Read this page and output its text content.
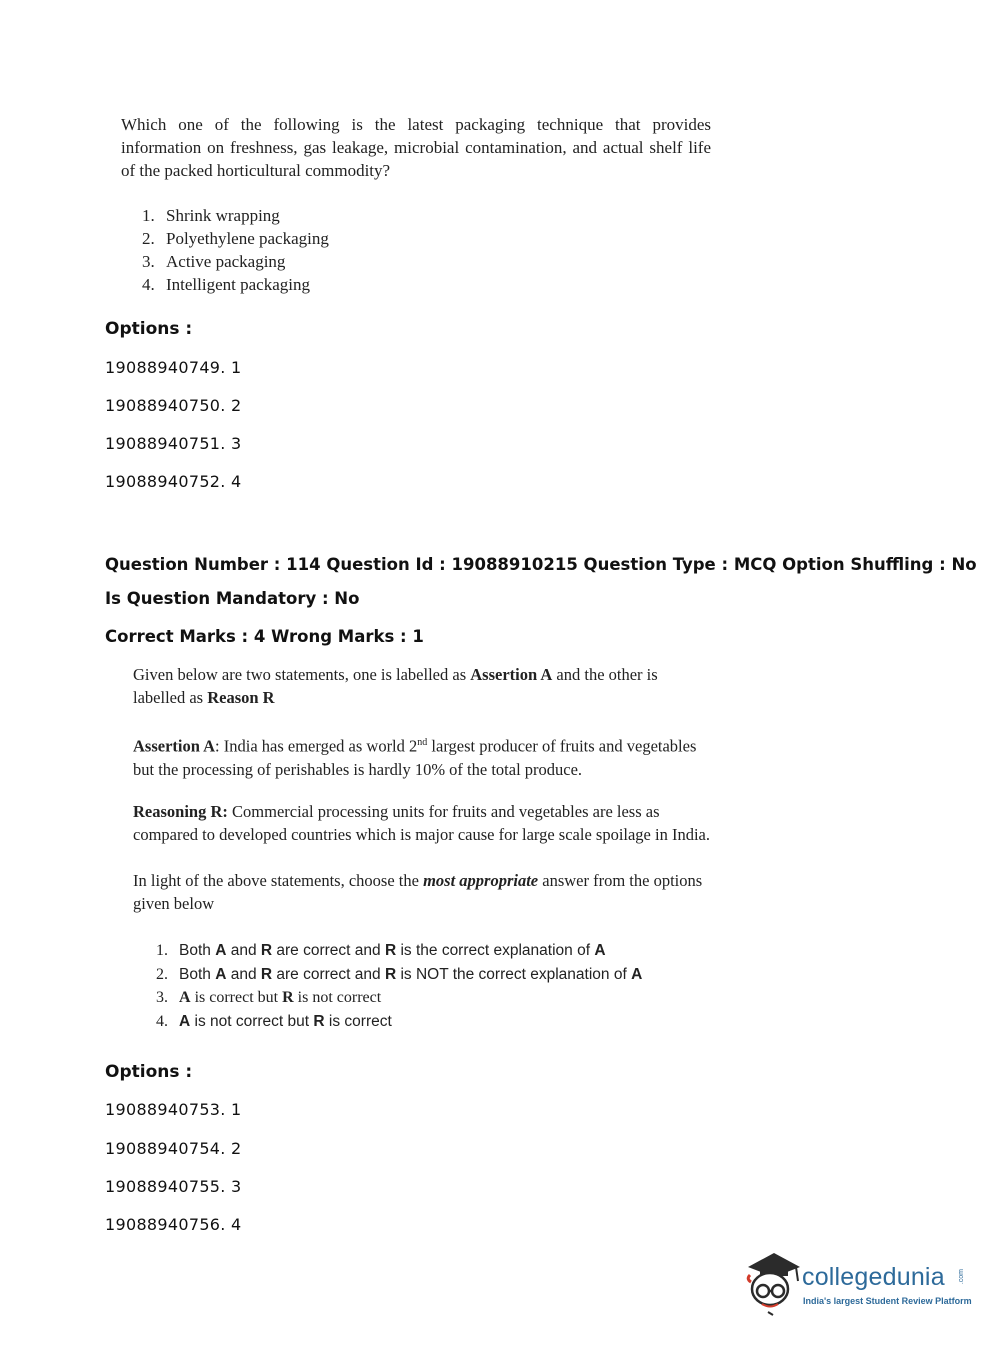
Which one of the following is the latest packaging technique that provides information on freshness, gas leakage, microbial contamination, and actual shelf life of the packed horticultural commodity?
1. Shrink wrapping
2. Polyethylene packaging
3. Active packaging
4. Intelligent packaging
Options :
19088940749. 1
19088940750. 2
19088940751. 3
19088940752. 4
Question Number : 114 Question Id : 19088910215 Question Type : MCQ Option Shuffling : No
Is Question Mandatory : No
Correct Marks : 4 Wrong Marks : 1
Given below are two statements, one is labelled as Assertion A and the other is labelled as Reason R
Assertion A: India has emerged as world 2nd largest producer of fruits and vegetables but the processing of perishables is hardly 10% of the total produce.
Reasoning R: Commercial processing units for fruits and vegetables are less as compared to developed countries which is major cause for large scale spoilage in India.
In light of the above statements, choose the most appropriate answer from the options given below
1. Both A and R are correct and R is the correct explanation of A
2. Both A and R are correct and R is NOT the correct explanation of A
3. A is correct but R is not correct
4. A is not correct but R is correct
Options :
19088940753. 1
19088940754. 2
19088940755. 3
19088940756. 4
collegedunia .com
India's largest Student Review Platform
